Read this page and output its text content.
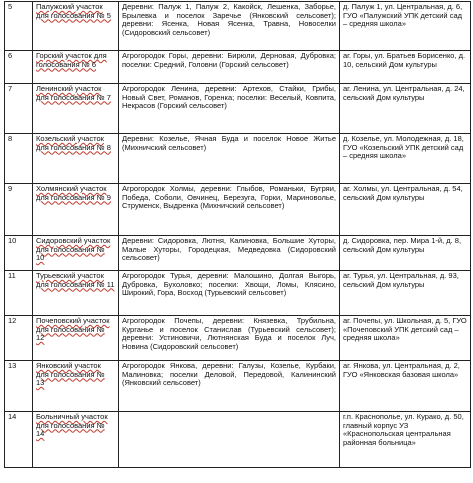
5	Палужский участок для голосования № 5	Деревни: Палуж 1, Палуж 2, Какойск, Лешенка, Заборье, Брылевка и поселок Заречье (Янковский сельсовет); деревни: Ясенка, Новая Ясенка, Травна, Новоселки (Сидоровский сельсовет)	д. Палуж 1, ул. Центральная, д. 6, ГУО «Палужский УПК детский сад – средняя школа»
6	Горский участок для голосования № 6	Агрогородок Горы, деревни: Бирюли, Дерновая, Дубровка; поселки: Средний, Головни (Горский сельсовет)	аг. Горы, ул. Братьев Борисенко, д. 10, сельский Дом культуры
7	Ленинский участок для голосования № 7	Агрогородок Ленина, деревни: Артехов, Стайки, Грибы, Новый Свет, Романов, Горенка; поселки: Веселый, Ковпита, Некрасов (Горский сельсовет)	аг. Ленина, ул. Центральная, д. 24, сельский Дом культуры
8	Козельский участок для голосования № 8	Деревни: Козелье, Ячная Буда и поселок Новое Житье (Михничский сельсовет)	д. Козелье, ул. Молодежная, д. 18, ГУО «Козельский УПК детский сад – средняя школа»
9	Холмянский участок для голосования № 9	Агрогородок Холмы, деревни: Глыбов, Романьки, Бугряи, Победа, Соболи, Овчинец, Березуга, Горки, Мариноволье, Струменск, Выдренка (Михничский сельсовет)	аг. Холмы, ул. Центральная, д. 54, сельский Дом культуры
10	Сидоровский участок для голосования № 10	Деревни: Сидоровка, Лютня, Калиновка, Большие Хуторы, Малые Хуторы, Городецкая, Медведовка (Сидоровский сельсовет)	д. Сидоровка, пер. Мира 1-й, д. 8, сельский Дом культуры
11	Турьевский участок для голосования № 11	Агрогородок Турья, деревни: Малошино, Долгая Выгорь, Дубровка, Бухоловко; поселки: Хвощи, Ломы, Клясино, Широкий, Гора, Восход (Турьевский сельсовет)	аг. Турья, ул. Центральная, д. 93, сельский Дом культуры
12	Почеповский участок для голосования № 12	Агрогородок Почепы, деревни: Князевка, Трубильна, Курганье и поселок Станислав (Турьевский сельсовет); деревни: Устиновичи, Лютнянская Буда и поселок Луч, Новина (Сидоровский сельсовет)	аг. Почепы, ул. Школьная, д. 5, ГУО «Почеповский УПК детский сад – средняя школа»
13	Янковский участок для голосования № 13	Агрогородок Янкова, деревни: Галузы, Козелье, Курбаки, Малиновка; поселки Деловой, Передовой, Калининский (Янковский сельсовет)	аг. Янкова, ул. Центральная, д. 2, ГУО «Янковская базовая школа»
14	Больничный участок для голосования № 14		г.п. Краснополье, ул. Курако, д. 50, главный корпус УЗ «Краснопольская центральная районная больница»
